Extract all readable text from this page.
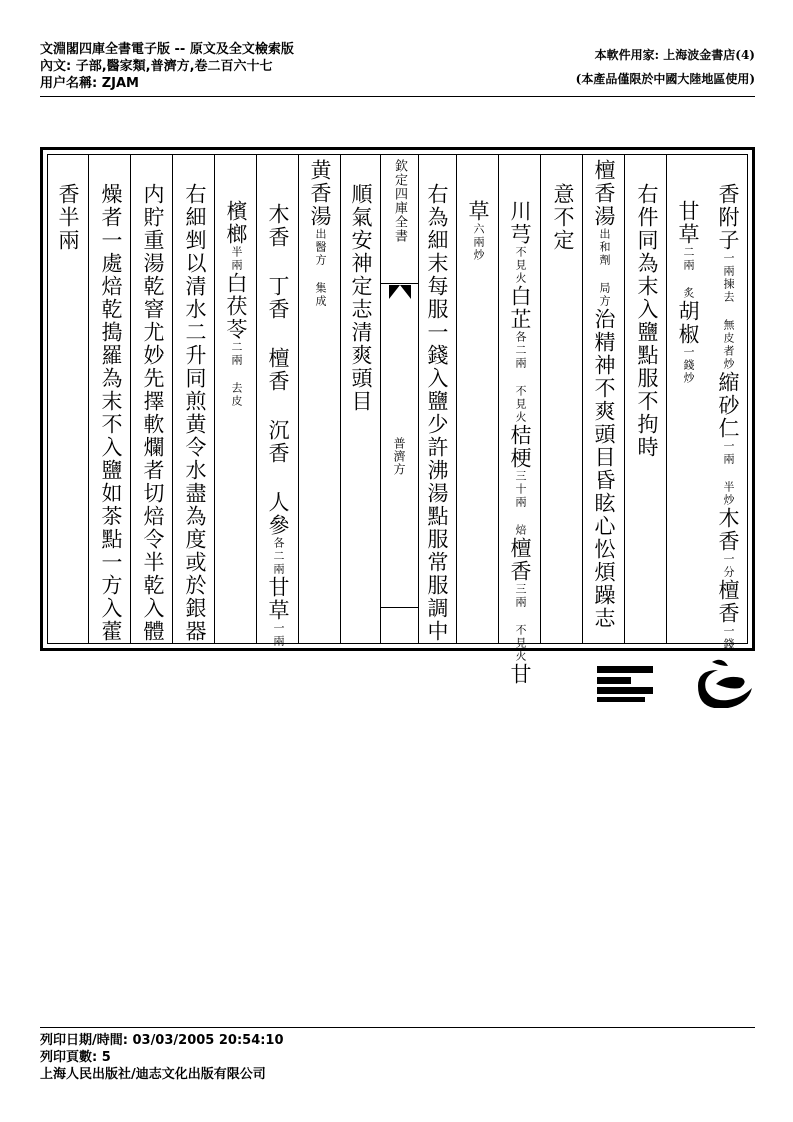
文淵閣四庫全書電子版 -- 原文及全文檢索版
內文: 子部,醫家類,普濟方,卷二百六十七
用户名稱: ZJAM
本軟件用家: 上海波金書店(4)
(本產品僅限於中國大陸地區使用)
香附子一兩揀去 無皮者炒縮砂仁一兩 半炒木香一分檀香一錢
甘草二兩 炙胡椒一錢炒
右件同為末入鹽點服不拘時
檀香湯出和劑 局方治精神不爽頭目昏眩心忪煩躁志
意不定
川芎不見火白芷各二兩 不見火桔梗三十兩 焙檀香三兩 不見火甘
草六兩炒
右為細末每服一錢入鹽少許沸湯點服常服調中
欽定四庫全書
普濟方
順氣安神定志清爽頭目
黄香湯出醫方 集成
木香 丁香 檀香 沉香 人參各二兩甘草一兩
檳榔半兩白茯苓二兩 去皮
右細剉以清水二升同煎黄令水盡為度或於銀器
内貯重湯乾窨尤妙先擇軟爛者切焙令半乾入體
燥者一處焙乾搗羅為末不入鹽如茶點一方入藿
香半兩
列印日期/時間: 03/03/2005 20:54:10
列印頁數: 5
上海人民出版社/迪志文化出版有限公司
